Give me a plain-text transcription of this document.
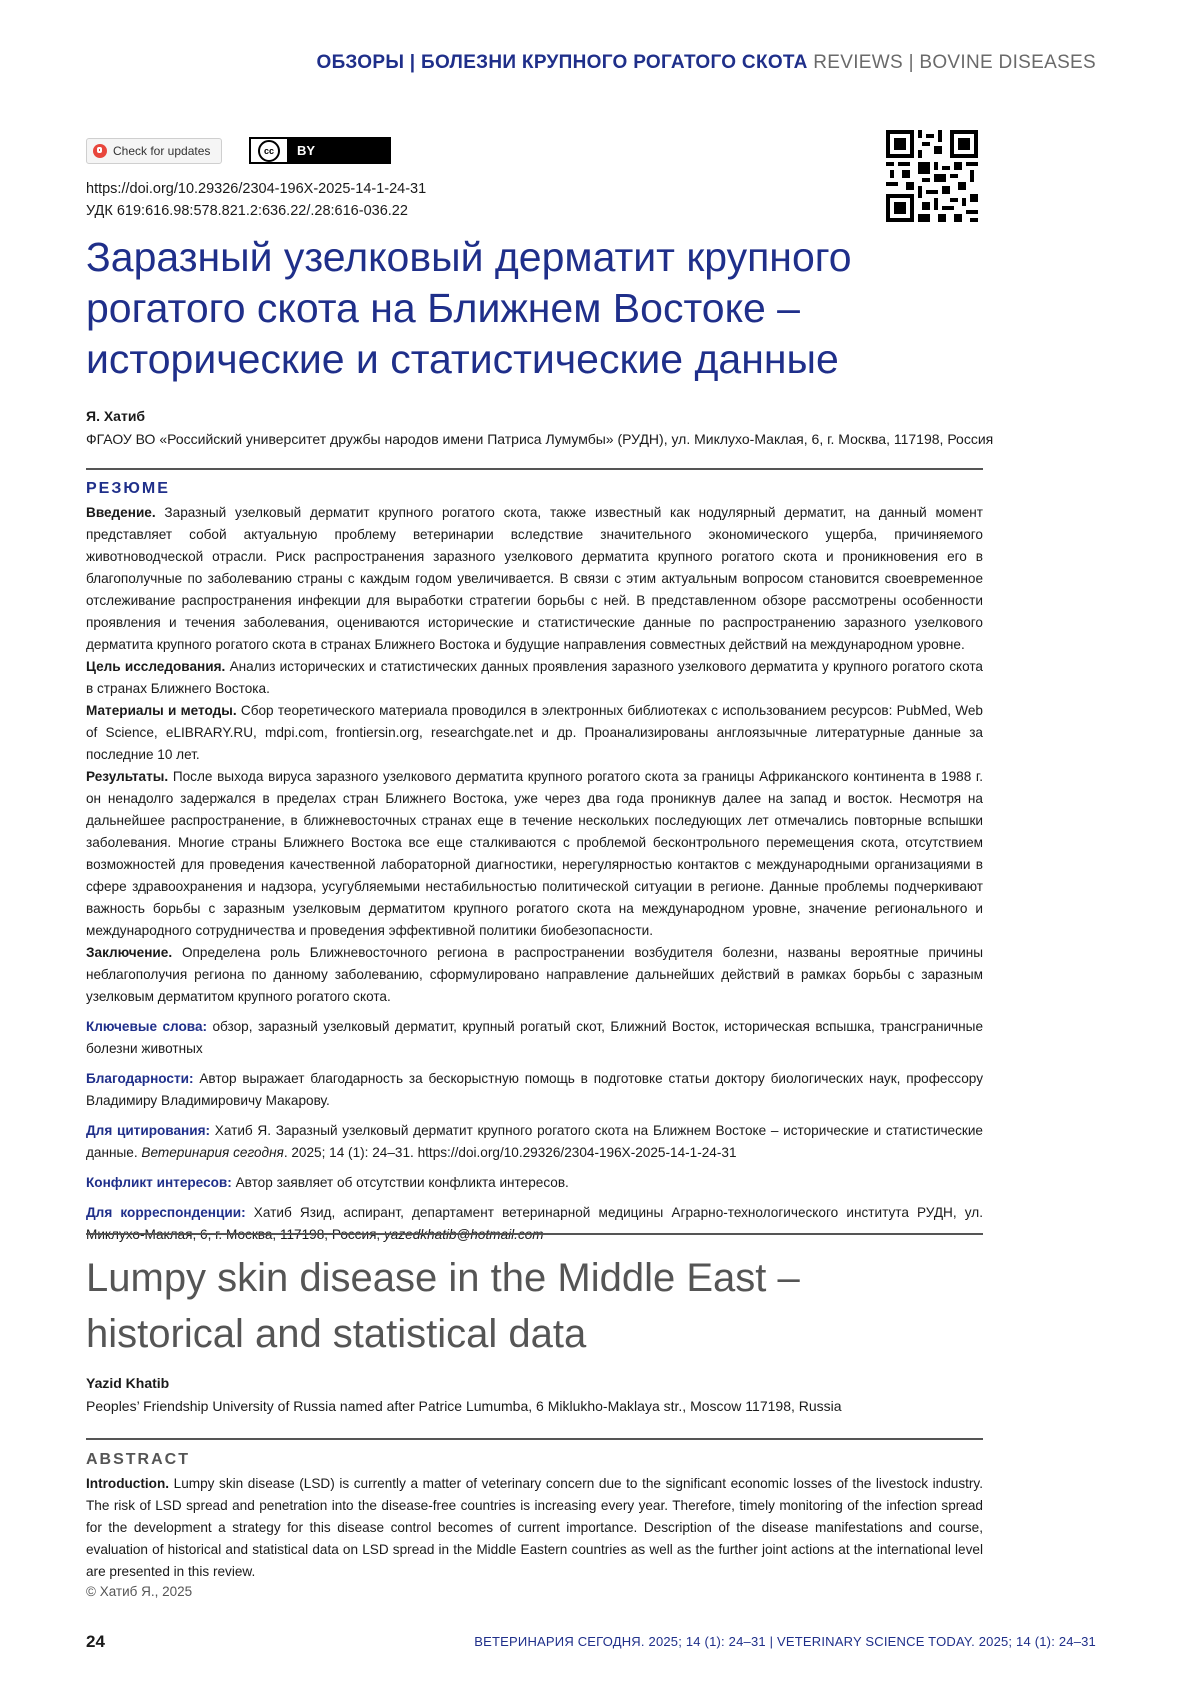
ОБЗОРЫ | БОЛЕЗНИ КРУПНОГО РОГАТОГО СКОТА REVIEWS | BOVINE DISEASES
Check for updates	cc	BY
https://doi.org/10.29326/2304-196X-2025-14-1-24-31
УДК 619:616.98:578.821.2:636.22/.28:616-036.22
Заразный узелковый дерматит крупного рогатого скота на Ближнем Востоке – исторические и статистические данные
Я. Хатиб
ФГАОУ ВО «Российский университет дружбы народов имени Патриса Лумумбы» (РУДН), ул. Миклухо-Маклая, 6, г. Москва, 117198, Россия
РЕЗЮМЕ

Введение. Заразный узелковый дерматит крупного рогатого скота, также известный как нодулярный дерматит, на данный момент представляет собой актуальную проблему ветеринарии вследствие значительного экономического ущерба, причиняемого животноводческой отрасли. Риск распространения заразного узелкового дерматита крупного рогатого скота и проникновения его в благополучные по заболеванию страны с каждым годом увеличивается. В связи с этим актуальным вопросом становится своевременное отслеживание распространения инфекции для выработки стратегии борьбы с ней. В представленном обзоре рассмотрены особенности проявления и течения заболевания, оцениваются исторические и статистические данные по распространению заразного узелкового дерматита крупного рогатого скота в странах Ближнего Востока и будущие направления совместных действий на международном уровне.

Цель исследования. Анализ исторических и статистических данных проявления заразного узелкового дерматита у крупного рогатого скота в странах Ближнего Востока.

Материалы и методы. Сбор теоретического материала проводился в электронных библиотеках с использованием ресурсов: PubMed, Web of Science, eLIBRARY.RU, mdpi.com, frontiersin.org, researchgate.net и др. Проанализированы англоязычные литературные данные за последние 10 лет.

Результаты. После выхода вируса заразного узелкового дерматита крупного рогатого скота за границы Африканского континента в 1988 г. он ненадолго задержался в пределах стран Ближнего Востока, уже через два года проникнув далее на запад и восток. Несмотря на дальнейшее распространение, в ближневосточных странах еще в течение нескольких последующих лет отмечались повторные вспышки заболевания. Многие страны Ближнего Востока все еще сталкиваются с проблемой бесконтрольного перемещения скота, отсутствием возможностей для проведения качественной лабораторной диагностики, нерегулярностью контактов с международными организациями в сфере здравоохранения и надзора, усугубляемыми нестабильностью политической ситуации в регионе. Данные проблемы подчеркивают важность борьбы с заразным узелковым дерматитом крупного рогатого скота на международном уровне, значение регионального и международного сотрудничества и проведения эффективной политики биобезопасности.

Заключение. Определена роль Ближневосточного региона в распространении возбудителя болезни, названы вероятные причины неблагополучия региона по данному заболеванию, сформулировано направление дальнейших действий в рамках борьбы с заразным узелковым дерматитом крупного рогатого скота.

Ключевые слова: обзор, заразный узелковый дерматит, крупный рогатый скот, Ближний Восток, историческая вспышка, трансграничные болезни животных

Благодарности: Автор выражает благодарность за бескорыстную помощь в подготовке статьи доктору биологических наук, профессору Владимиру Владимировичу Макарову.

Для цитирования: Хатиб Я. Заразный узелковый дерматит крупного рогатого скота на Ближнем Востоке – исторические и статистические данные. Ветеринария сегодня. 2025; 14 (1): 24–31. https://doi.org/10.29326/2304-196X-2025-14-1-24-31

Конфликт интересов: Автор заявляет об отсутствии конфликта интересов.

Для корреспонденции: Хатиб Язид, аспирант, департамент ветеринарной медицины Аграрно-технологического института РУДН, ул.

Lumpy skin disease in the Middle East – historical and statistical data
Yazid Khatib
Peoples’ Friendship University of Russia named after Patrice Lumumba, 6 Miklukho-Maklaya str., Moscow 117198, Russia
ABSTRACT

Introduction. Lumpy skin disease (LSD) is currently a matter of veterinary concern due to the significant economic losses of the livestock industry. The risk of LSD spread and penetration into the disease-free countries is increasing every year. Therefore, timely monitoring of the infection spread for the development a strategy for this disease control becomes of current importance. Description of the disease manifestations and course, evaluation of historical and statistical data on LSD spread in the Middle Eastern countries as well as the further joint actions at the international level are presented in this review.

© Хатиб Я., 2025
24	ВЕТЕРИНАРИЯ СЕГОДНЯ. 2025; 14 (1): 24–31 | VETERINARY SCIENCE TODAY. 2025; 14 (1): 24–31
